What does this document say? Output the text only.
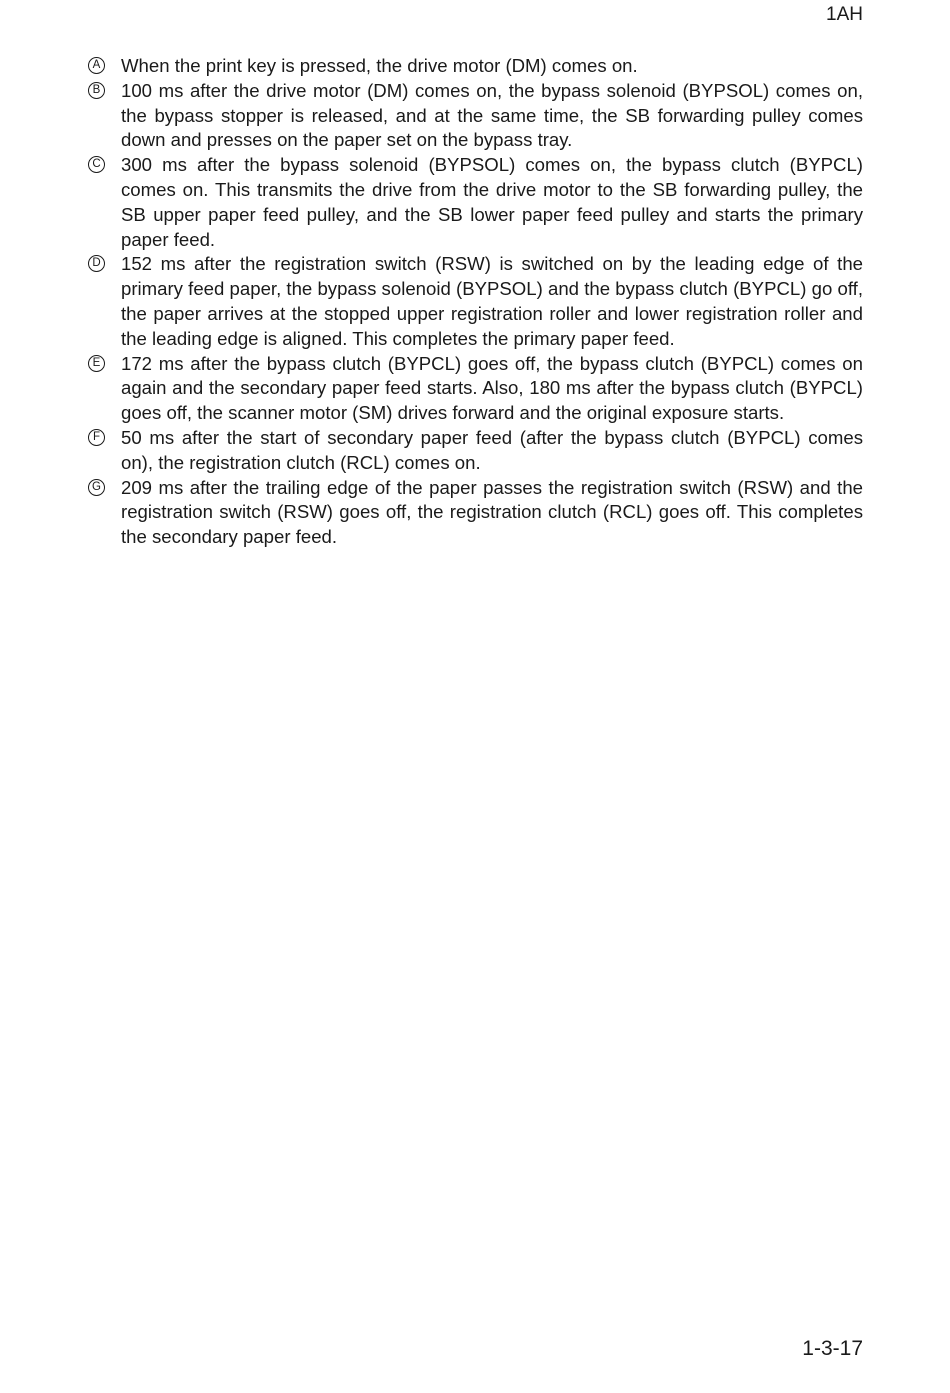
1AH
A When the print key is pressed, the drive motor (DM) comes on.
B 100 ms after the drive motor (DM) comes on, the bypass solenoid (BYPSOL) comes on, the bypass stopper is released, and at the same time, the SB forwarding pulley comes down and presses on the paper set on the bypass tray.
C 300 ms after the bypass solenoid (BYPSOL) comes on, the bypass clutch (BYPCL) comes on. This transmits the drive from the drive motor to the SB forwarding pulley, the SB upper paper feed pulley, and the SB lower paper feed pulley and starts the primary paper feed.
D 152 ms after the registration switch (RSW) is switched on by the leading edge of the primary feed paper, the bypass solenoid (BYPSOL) and the bypass clutch (BYPCL) go off, the paper arrives at the stopped upper registration roller and lower registration roller and the leading edge is aligned. This completes the primary paper feed.
E 172 ms after the bypass clutch (BYPCL) goes off, the bypass clutch (BYPCL) comes on again and the secondary paper feed starts. Also, 180 ms after the bypass clutch (BYPCL) goes off, the scanner motor (SM) drives forward and the original exposure starts.
F 50 ms after the start of secondary paper feed (after the bypass clutch (BYPCL) comes on), the registration clutch (RCL) comes on.
G 209 ms after the trailing edge of the paper passes the registration switch (RSW) and the registration switch (RSW) goes off, the registration clutch (RCL) goes off. This completes the secondary paper feed.
1-3-17
